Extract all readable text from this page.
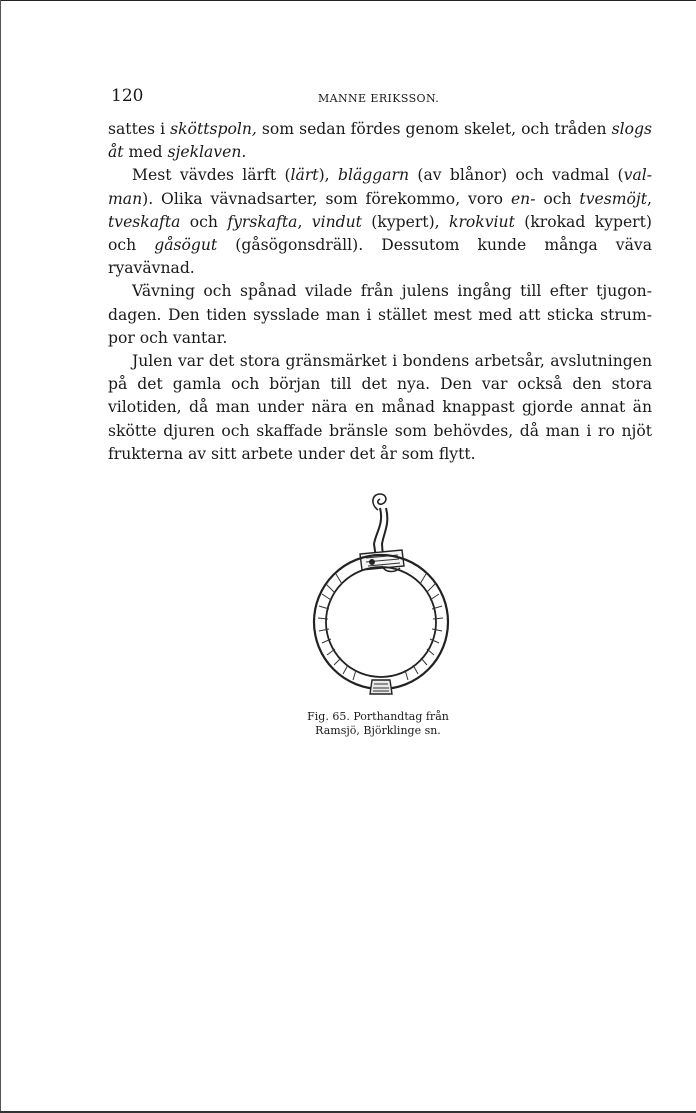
120	MANNE ERIKSSON.

sattes i sköttspoln, som sedan fördes genom skelet, och tråden slogs åt med sjeklaven.

Mest vävdes lärft (lärt), bläggarn (av blånor) och vadmal (valman). Olika vävnadsarter, som förekommo, voro en- och tvesmöjt, tveskafta och fyrskafta, vindut (kypert), krokviut (krokad kypert) och gåsögut (gåsögonsdräll). Dessutom kunde många väva ryavävnad.

Vävning och spånad vilade från julens ingång till efter tjugondagen. Den tiden sysslade man i stället mest med att sticka strumpor och vantar.

Julen var det stora gränsmärket i bondens arbetsår, avslutningen på det gamla och början till det nya. Den var också den stora vilotiden, då man under nära en månad knappast gjorde annat än skötte djuren och skaffade bränsle som behövdes, då man i ro njöt frukterna av sitt arbete under det år som flytt.

Fig. 65. Porthandtag från
Ramsjö, Björklinge sn.
